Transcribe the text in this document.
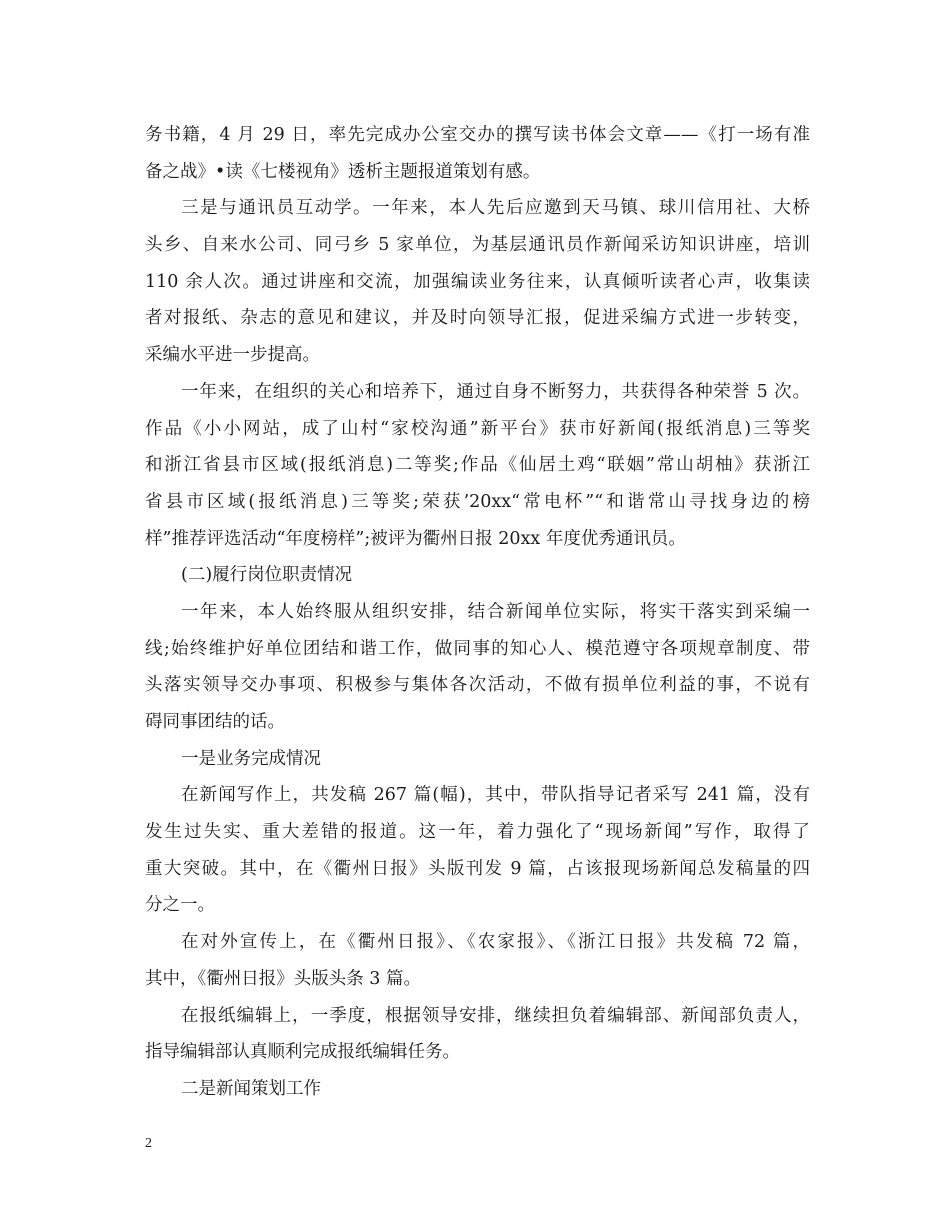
务书籍，4 月 29 日，率先完成办公室交办的撰写读书体会文章——《打一场有准
备之战》•读《七楼视角》透析主题报道策划有感。
三是与通讯员互动学。一年来，本人先后应邀到天马镇、球川信用社、大桥
头乡、自来水公司、同弓乡 5 家单位，为基层通讯员作新闻采访知识讲座，培训
110 余人次。通过讲座和交流，加强编读业务往来，认真倾听读者心声，收集读
者对报纸、杂志的意见和建议，并及时向领导汇报，促进采编方式进一步转变，
采编水平进一步提高。
一年来，在组织的关心和培养下，通过自身不断努力，共获得各种荣誉 5 次。
作品《小小网站，成了山村“家校沟通”新平台》获市好新闻(报纸消息)三等奖
和浙江省县市区域(报纸消息)二等奖;作品《仙居土鸡“联姻”常山胡柚》获浙江
省县市区域(报纸消息)三等奖;荣获’20xx“常电杯”“和谐常山寻找身边的榜
样”推荐评选活动“年度榜样”;被评为衢州日报 20xx 年度优秀通讯员。
(二)履行岗位职责情况
一年来，本人始终服从组织安排，结合新闻单位实际，将实干落实到采编一
线;始终维护好单位团结和谐工作，做同事的知心人、模范遵守各项规章制度、带
头落实领导交办事项、积极参与集体各次活动，不做有损单位利益的事，不说有
碍同事团结的话。
一是业务完成情况
在新闻写作上，共发稿 267 篇(幅)，其中，带队指导记者采写 241 篇，没有
发生过失实、重大差错的报道。这一年，着力强化了“现场新闻”写作，取得了
重大突破。其中，在《衢州日报》头版刊发 9 篇，占该报现场新闻总发稿量的四
分之一。
在对外宣传上，在《衢州日报》、《农家报》、《浙江日报》共发稿 72 篇，
其中，《衢州日报》头版头条 3 篇。
在报纸编辑上，一季度，根据领导安排，继续担负着编辑部、新闻部负责人，
指导编辑部认真顺利完成报纸编辑任务。
二是新闻策划工作
2
